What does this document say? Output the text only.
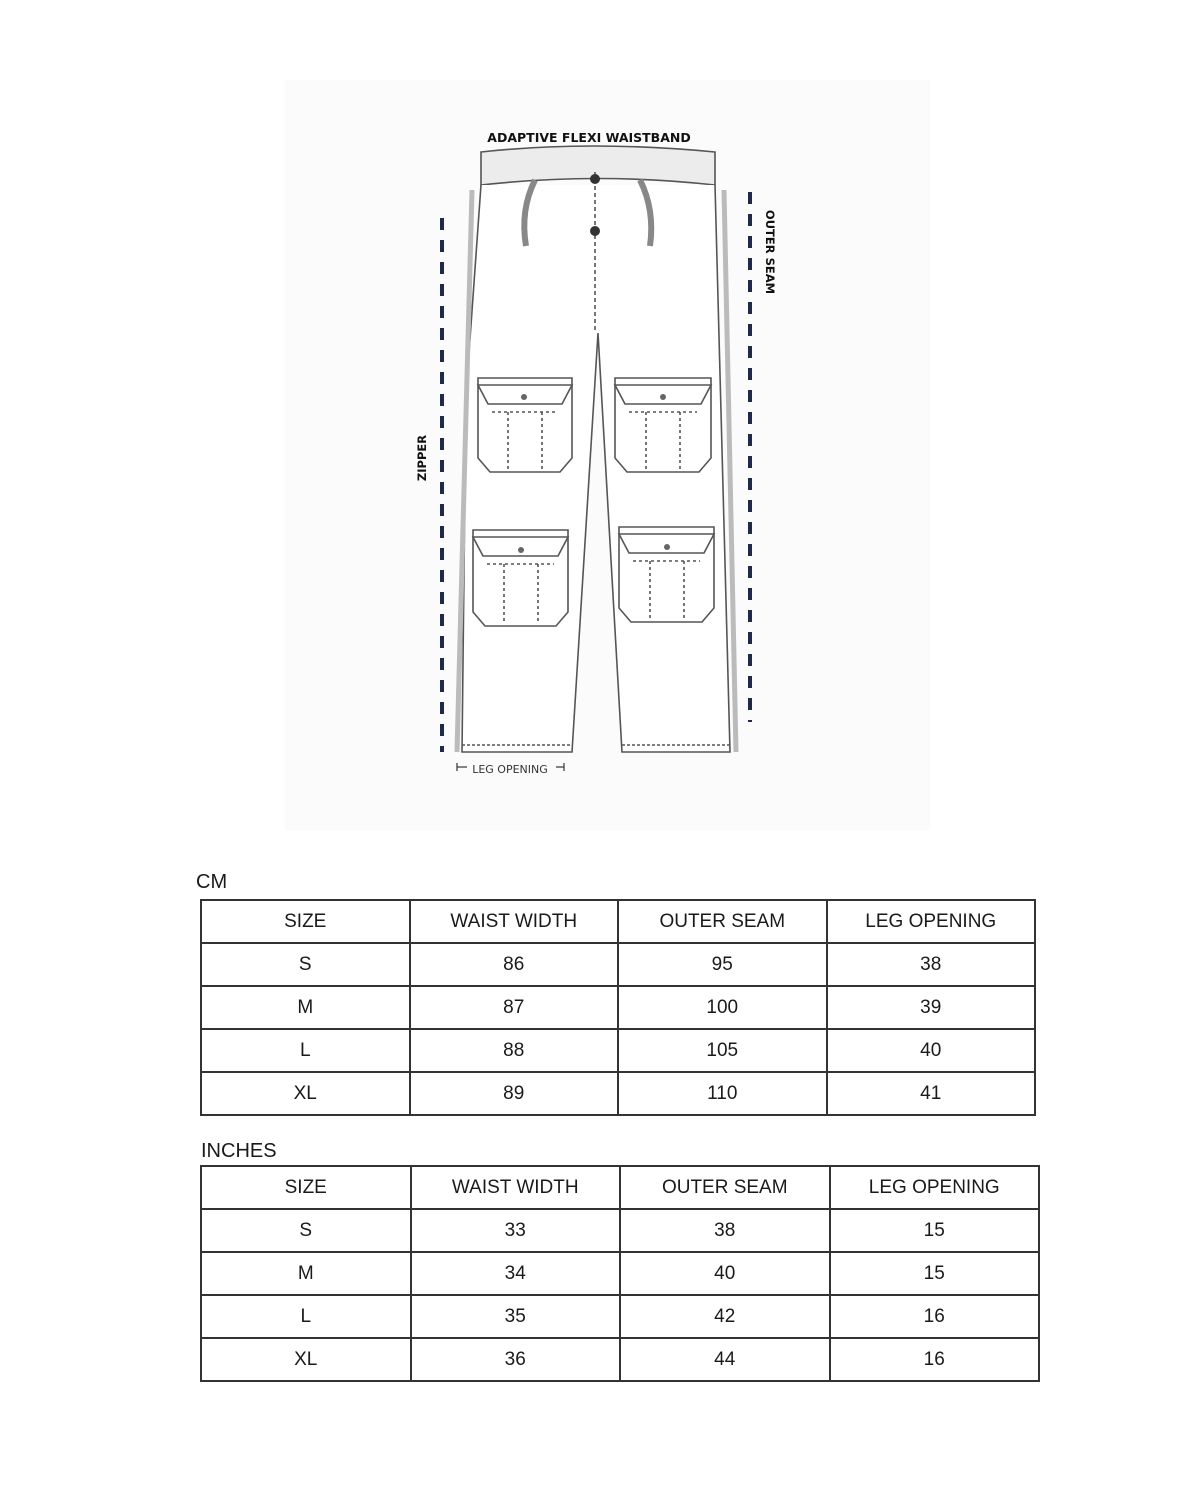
ADAPTIVE FLEXI WAISTBAND
ZIPPER
OUTER SEAM
LEG OPENING
CM
SIZE	WAIST WIDTH	OUTER SEAM	LEG OPENING
S	86	95	38
M	87	100	39
L	88	105	40
XL	89	110	41
INCHES
SIZE	WAIST WIDTH	OUTER SEAM	LEG OPENING
S	33	38	15
M	34	40	15
L	35	42	16
XL	36	44	16
